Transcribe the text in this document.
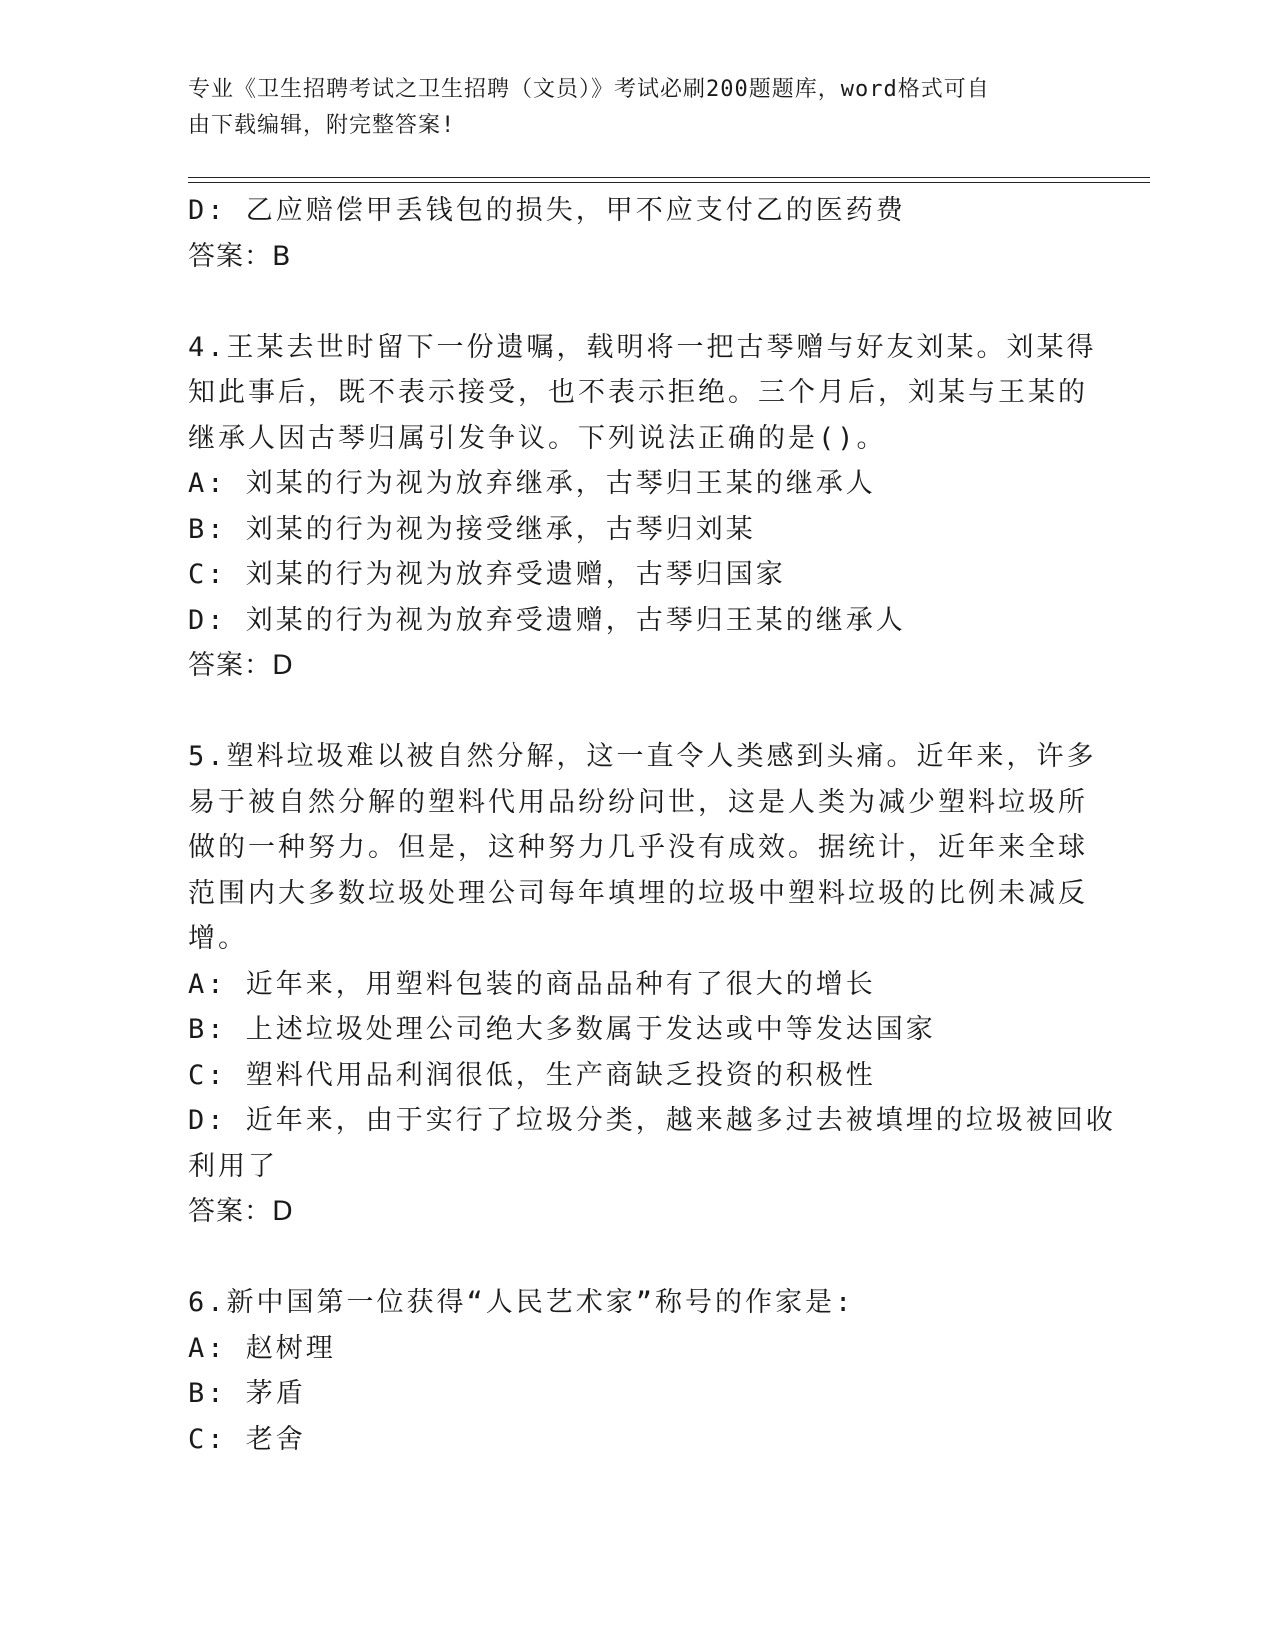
专业《卫生招聘考试之卫生招聘（文员）》考试必刷200题题库，word格式可自
由下载编辑，附完整答案!
D: 乙应赔偿甲丢钱包的损失，甲不应支付乙的医药费
答案：B
4.王某去世时留下一份遗嘱，载明将一把古琴赠与好友刘某。刘某得
知此事后，既不表示接受，也不表示拒绝。三个月后，刘某与王某的
继承人因古琴归属引发争议。下列说法正确的是()。
A: 刘某的行为视为放弃继承，古琴归王某的继承人
B: 刘某的行为视为接受继承，古琴归刘某
C: 刘某的行为视为放弃受遗赠，古琴归国家
D: 刘某的行为视为放弃受遗赠，古琴归王某的继承人
答案：D
5.塑料垃圾难以被自然分解，这一直令人类感到头痛。近年来，许多
易于被自然分解的塑料代用品纷纷问世，这是人类为减少塑料垃圾所
做的一种努力。但是，这种努力几乎没有成效。据统计，近年来全球
范围内大多数垃圾处理公司每年填埋的垃圾中塑料垃圾的比例未减反
增。
A: 近年来，用塑料包装的商品品种有了很大的增长
B: 上述垃圾处理公司绝大多数属于发达或中等发达国家
C: 塑料代用品利润很低，生产商缺乏投资的积极性
D: 近年来，由于实行了垃圾分类，越来越多过去被填埋的垃圾被回收
利用了
答案：D
6.新中国第一位获得“人民艺术家”称号的作家是:
A: 赵树理
B: 茅盾
C: 老舍
